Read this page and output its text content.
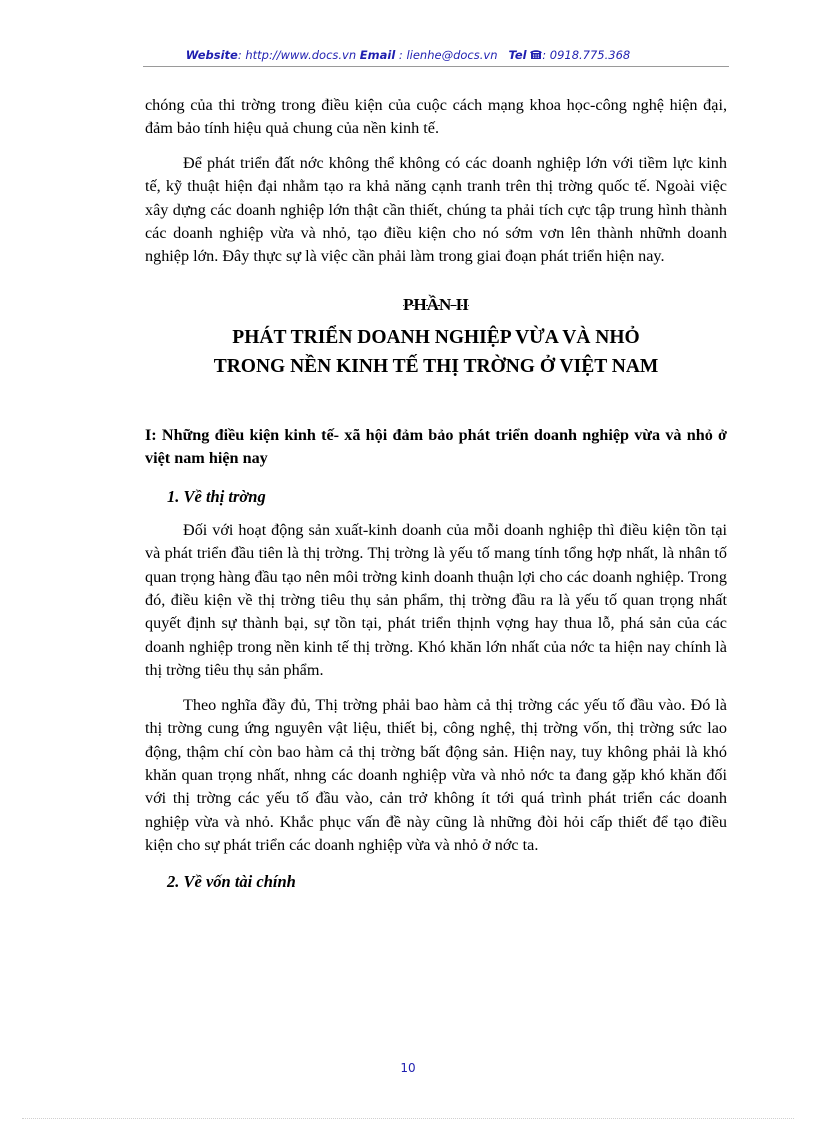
Website: http://www.docs.vn Email : lienhe@docs.vn Tel : 0918.775.368

chóng của thi trờng trong điều kiện của cuộc cách mạng khoa học-công nghệ hiện đại, đảm bảo tính hiệu quả chung của nền kinh tế.

Để phát triển đất nớc không thể không có các doanh nghiệp lớn với tiềm lực kinh tế, kỹ thuật hiện đại nhằm tạo ra khả năng cạnh tranh trên thị trờng quốc tế. Ngoài việc xây dựng các doanh nghiệp lớn thật cần thiết, chúng ta phải tích cực tập trung hình thành các doanh nghiệp vừa và nhỏ, tạo điều kiện cho nó sớm vơn lên thành nhữnh doanh nghiệp lớn. Đây thực sự là việc cần phải làm trong giai đoạn phát triển hiện nay.

PHẦN II

PHÁT TRIỂN DOANH NGHIỆP VỪA VÀ NHỎ
TRONG NỀN KINH TẾ THỊ TRỜNG Ở VIỆT NAM

I: Những điều kiện kinh tế- xã hội đảm bảo phát triển doanh nghiệp vừa và nhỏ ở việt nam hiện nay

1. Về thị trờng

Đối với hoạt động sản xuất-kinh doanh của mỗi doanh nghiệp thì điều kiện tồn tại và phát triển đầu tiên là thị trờng. Thị trờng là yếu tố mang tính tổng hợp nhất, là nhân tố quan trọng hàng đầu tạo nên môi trờng kinh doanh thuận lợi cho các doanh nghiệp. Trong đó, điều kiện về thị trờng tiêu thụ sản phẩm, thị trờng đầu ra là yếu tố quan trọng nhất quyết định sự thành bại, sự tồn tại, phát triển thịnh vợng hay thua lỗ, phá sản của các doanh nghiệp trong nền kinh tế thị trờng. Khó khăn lớn nhất của nớc ta hiện nay chính là thị trờng tiêu thụ sản phẩm.

Theo nghĩa đầy đủ, Thị trờng phải bao hàm cả thị trờng các yếu tố đầu vào. Đó là thị trờng cung ứng nguyên vật liệu, thiết bị, công nghệ, thị trờng vốn, thị trờng sức lao động, thậm chí còn bao hàm cả thị trờng bất động sản. Hiện nay, tuy không phải là khó khăn quan trọng nhất, nhng các doanh nghiệp vừa và nhỏ nớc ta đang gặp khó khăn đối với thị trờng các yếu tố đầu vào, cản trở không ít tới quá trình phát triển các doanh nghiệp vừa và nhỏ. Khắc phục vấn đề này cũng là những đòi hỏi cấp thiết để tạo điều kiện cho sự phát triển các doanh nghiệp vừa và nhỏ ở nớc ta.

2. Về vốn tài chính

10
